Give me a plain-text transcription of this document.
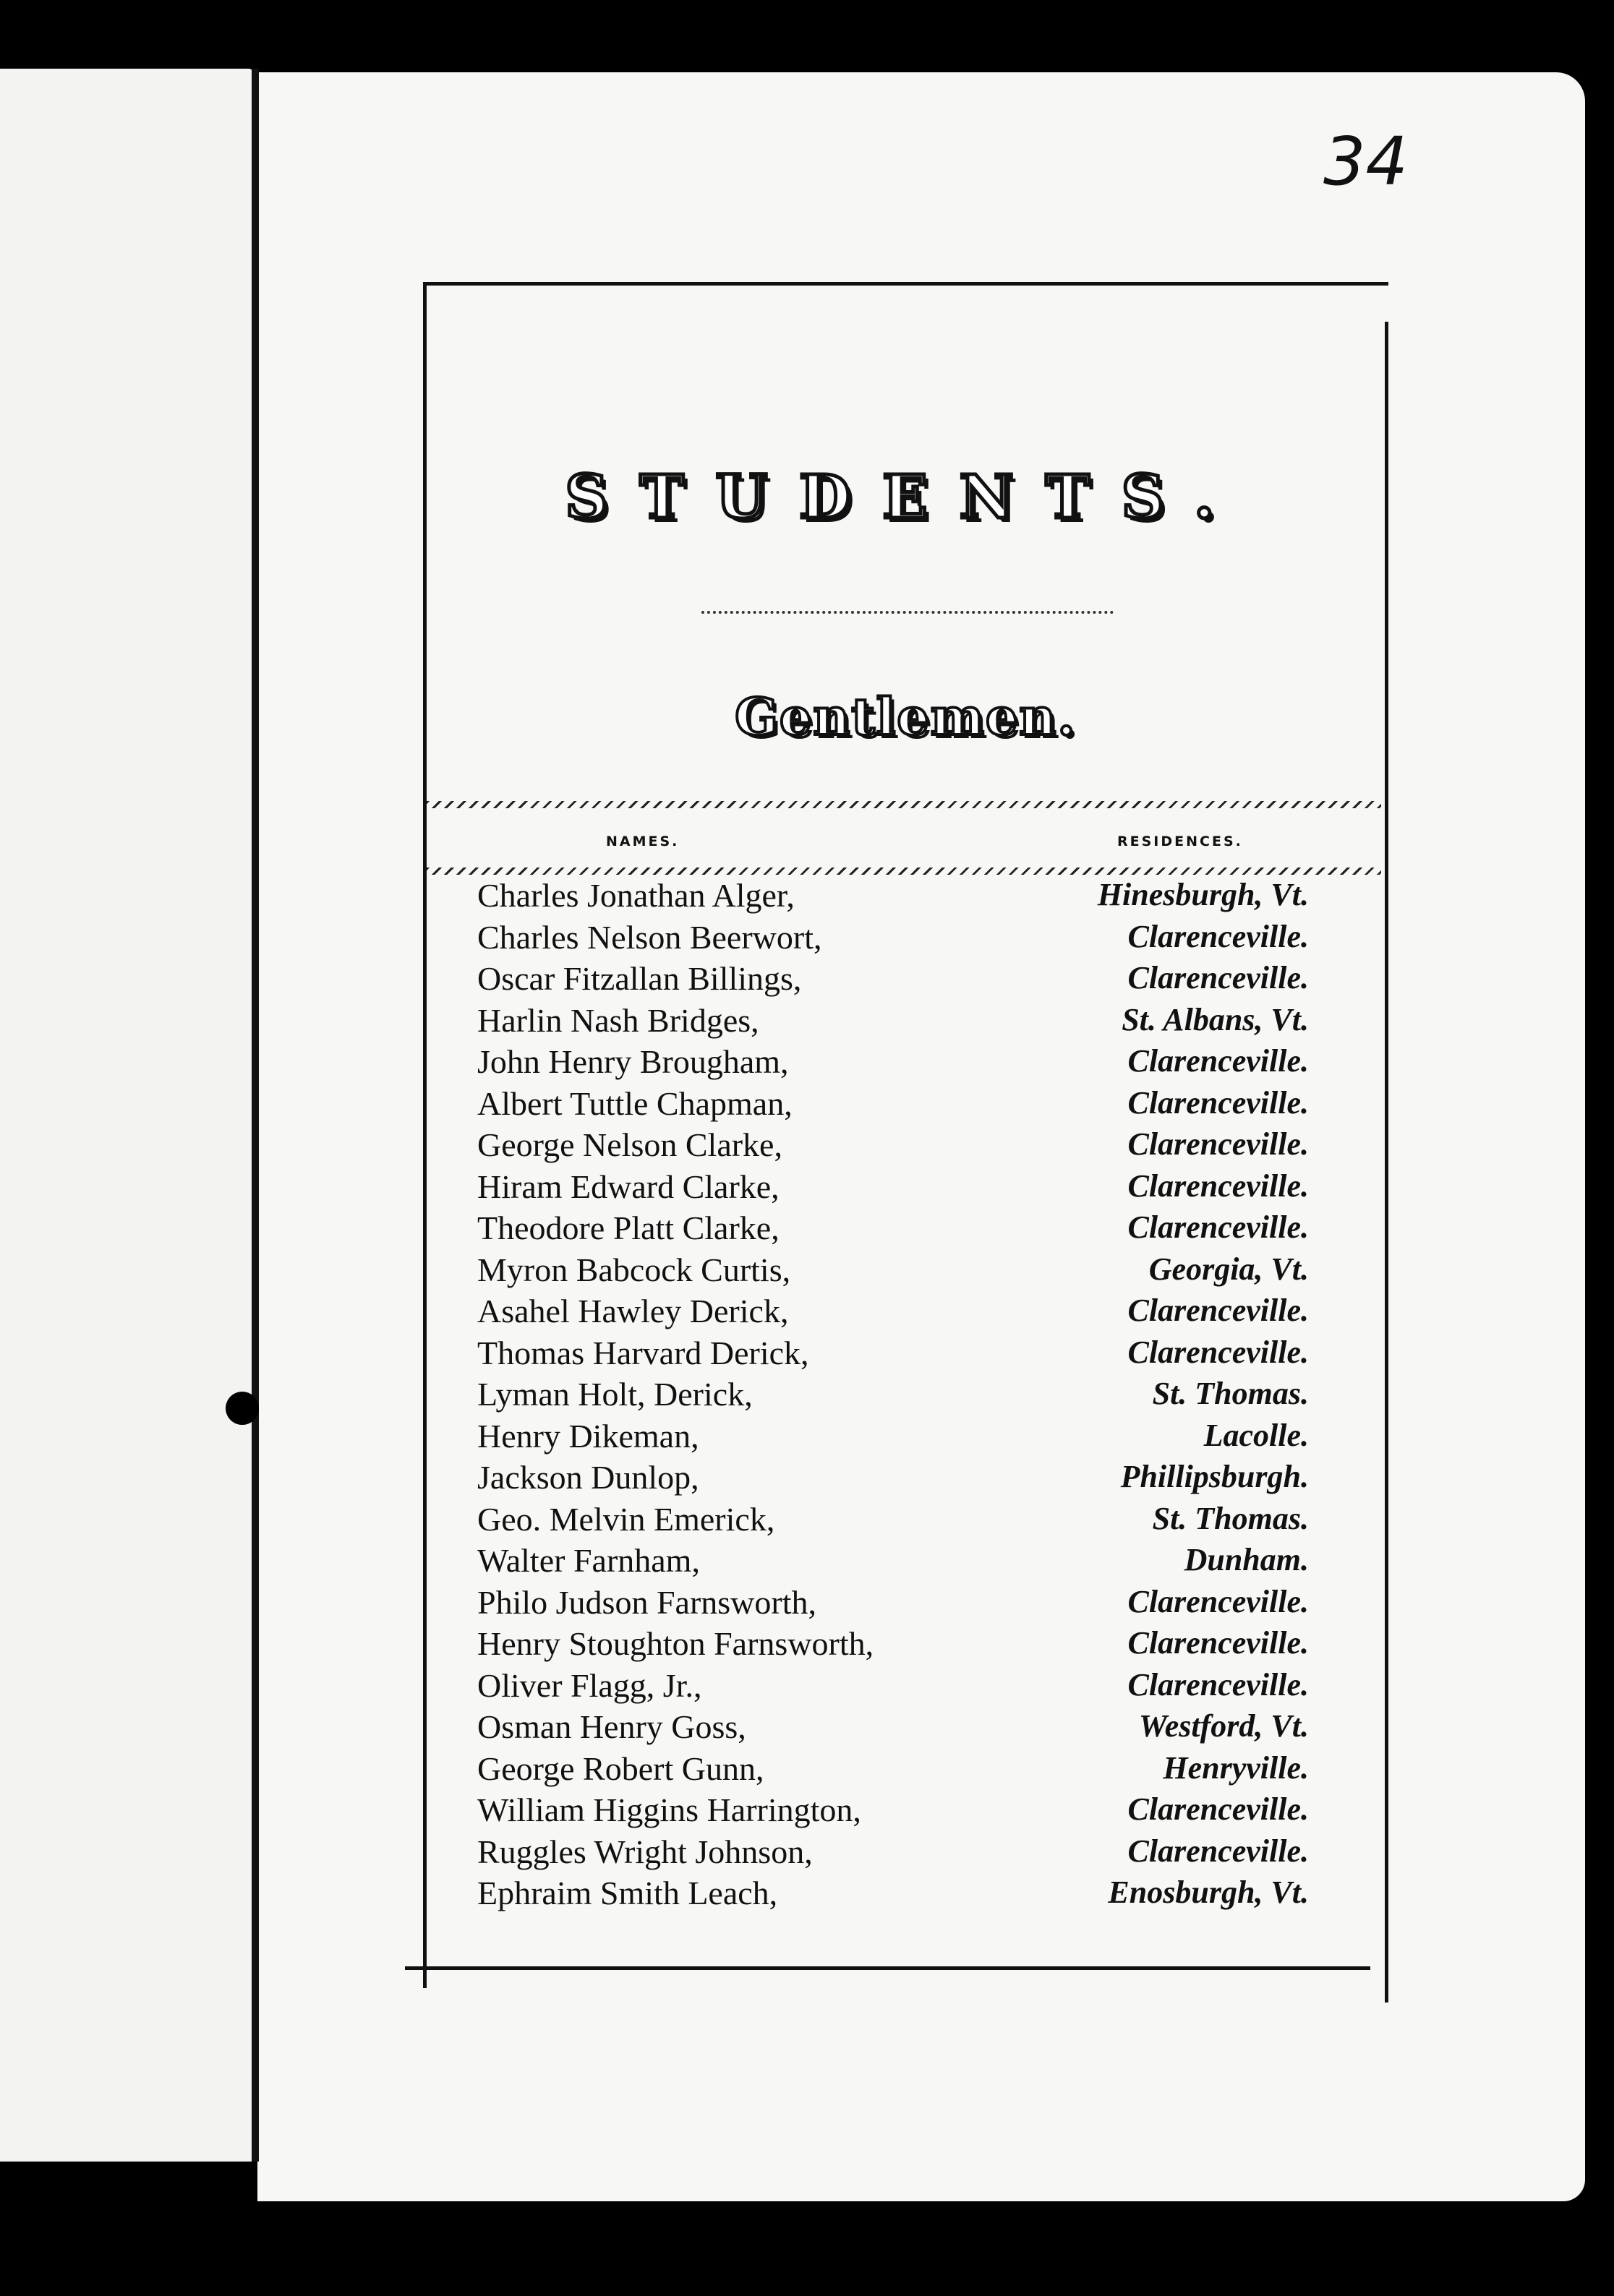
34
STUDENTS.
Gentlemen.
NAMES.	RESIDENCES.
Charles Jonathan Alger,	Hinesburgh, Vt.
Charles Nelson Beerwort,	Clarenceville.
Oscar Fitzallan Billings,	Clarenceville.
Harlin Nash Bridges,	St. Albans, Vt.
John Henry Brougham,	Clarenceville.
Albert Tuttle Chapman,	Clarenceville.
George Nelson Clarke,	Clarenceville.
Hiram Edward Clarke,	Clarenceville.
Theodore Platt Clarke,	Clarenceville.
Myron Babcock Curtis,	Georgia, Vt.
Asahel Hawley Derick,	Clarenceville.
Thomas Harvard Derick,	Clarenceville.
Lyman Holt, Derick,	St. Thomas.
Henry Dikeman,	Lacolle.
Jackson Dunlop,	Phillipsburgh.
Geo. Melvin Emerick,	St. Thomas.
Walter Farnham,	Dunham.
Philo Judson Farnsworth,	Clarenceville.
Henry Stoughton Farnsworth,	Clarenceville.
Oliver Flagg, Jr.,	Clarenceville.
Osman Henry Goss,	Westford, Vt.
George Robert Gunn,	Henryville.
William Higgins Harrington,	Clarenceville.
Ruggles Wright Johnson,	Clarenceville.
Ephraim Smith Leach,	Enosburgh, Vt.
